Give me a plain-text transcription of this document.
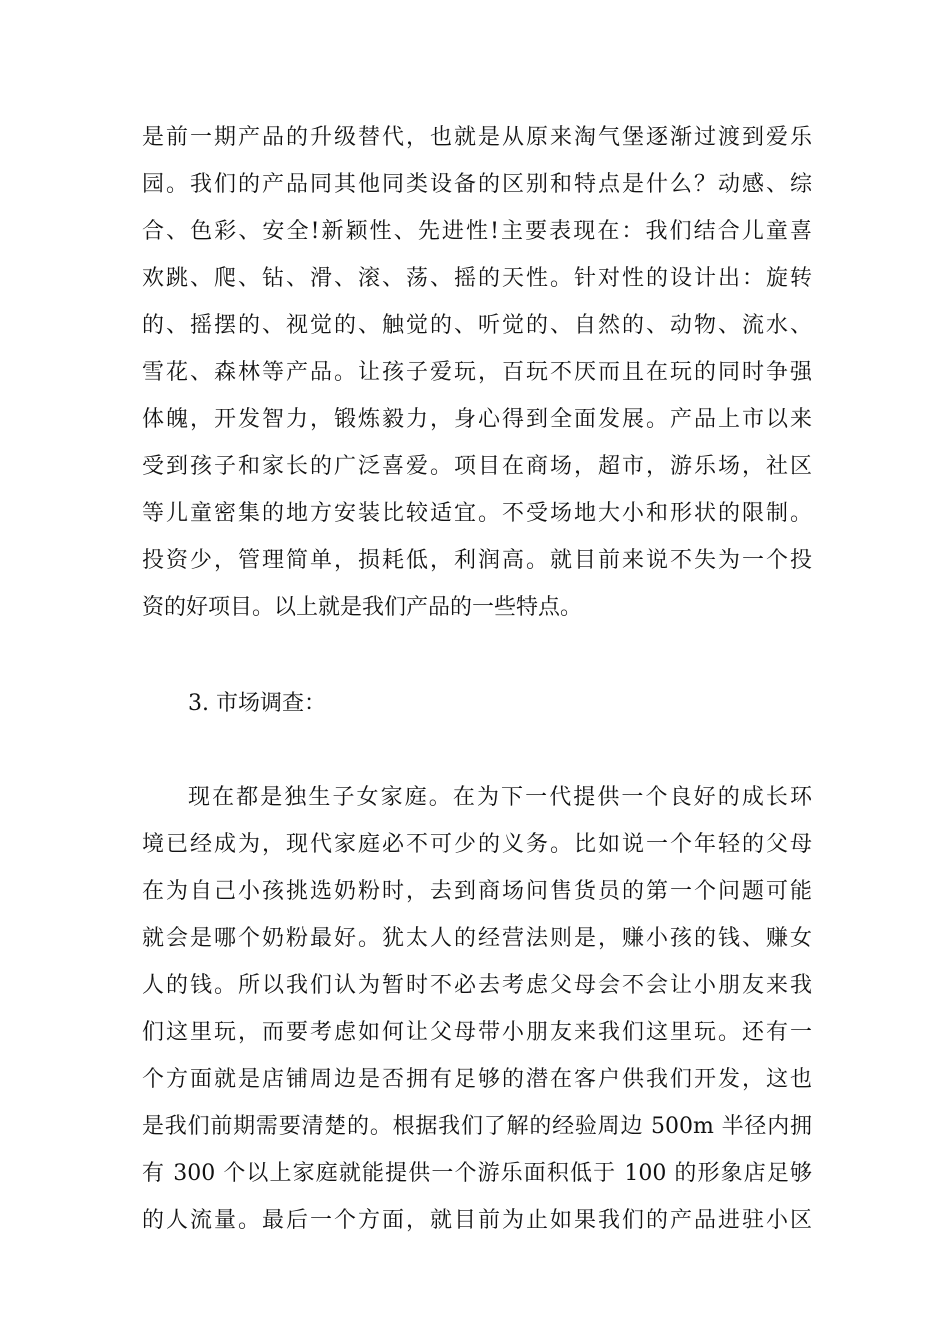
是前一期产品的升级替代，也就是从原来淘气堡逐渐过渡到爱乐
园。我们的产品同其他同类设备的区别和特点是什么？动感、综
合、色彩、安全!新颖性、先进性!主要表现在：我们结合儿童喜
欢跳、爬、钻、滑、滚、荡、摇的天性。针对性的设计出：旋转
的、摇摆的、视觉的、触觉的、听觉的、自然的、动物、流水、
雪花、森林等产品。让孩子爱玩，百玩不厌而且在玩的同时争强
体魄，开发智力，锻炼毅力，身心得到全面发展。产品上市以来
受到孩子和家长的广泛喜爱。项目在商场，超市，游乐场，社区
等儿童密集的地方安装比较适宜。不受场地大小和形状的限制。
投资少，管理简单，损耗低，利润高。就目前来说不失为一个投
资的好项目。以上就是我们产品的一些特点。
3. 市场调查：
现在都是独生子女家庭。在为下一代提供一个良好的成长环
境已经成为，现代家庭必不可少的义务。比如说一个年轻的父母
在为自己小孩挑选奶粉时，去到商场问售货员的第一个问题可能
就会是哪个奶粉最好。犹太人的经营法则是，赚小孩的钱、赚女
人的钱。所以我们认为暂时不必去考虑父母会不会让小朋友来我
们这里玩，而要考虑如何让父母带小朋友来我们这里玩。还有一
个方面就是店铺周边是否拥有足够的潜在客户供我们开发，这也
是我们前期需要清楚的。根据我们了解的经验周边 500m 半径内拥
有 300 个以上家庭就能提供一个游乐面积低于 100 的形象店足够
的人流量。最后一个方面，就目前为止如果我们的产品进驻小区
